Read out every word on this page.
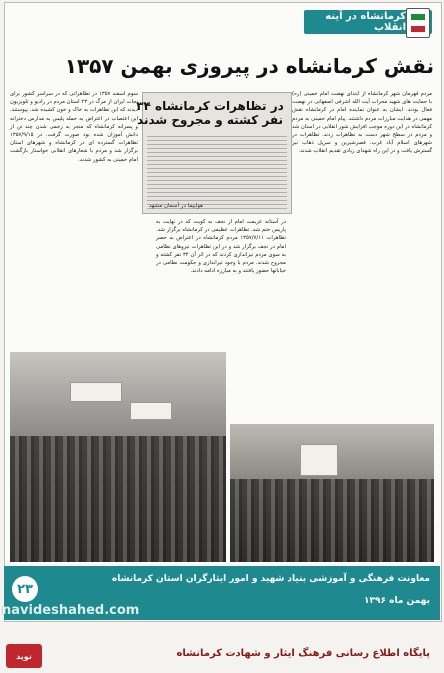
کرمانشاه در آینه انقلاب
نقش کرمانشاه در پیروزی بهمن ۱۳۵۷
مردم قهرمان شهر کرمانشاه از ابتدای نهضت امام خمینی (ره) با حمایت های شهید محراب آیت الله اشرفی اصفهانی در نهضت فعال بودند. ایشان به عنوان نماینده امام در کرمانشاه نقش مهمی در هدایت مبارزات مردم داشتند. پیام امام خمینی به مردم کرمانشاه در این دوره موجب افزایش شور انقلابی در استان شد و مردم در سطح شهر دست به تظاهرات زدند. تظاهرات در شهرهای اسلام آباد غرب، قصرشیرین و سرپل ذهاب نیز گسترش یافت و در این راه شهدای زیادی تقدیم انقلاب شدند.
در آستانه عزیمت امام از نجف به کویت که در نهایت به پاریس ختم شد، تظاهرات عظیمی در کرمانشاه برگزار شد. تظاهرات ۱۳۵۷/۷/۱۱ مردم کرمانشاه در اعتراض به حصر امام در نجف برگزار شد و در این تظاهرات نیروهای نظامی به سوی مردم تیراندازی کردند که در اثر آن ۳۴ نفر کشته و مجروح شدند. مردم با وجود تیراندازی و حکومت نظامی در خیابانها حضور یافتند و به مبارزه ادامه دادند.
سوم اسفند ۱۳۵۷ در تظاهراتی که در سراسر کشور برای نجات ایران از مرگ در ۲۳ استان مردم در رادیو و تلویزیون دیدند که این تظاهرات به خاک و خون کشیده شد. پیوستند. این اعتصاب در اعتراض به حمله پلیس به مدارس دخترانه و پسرانه کرمانشاه که منجر به زخمی شدن چند تن از دانش آموزان شده بود صورت گرفت. در ۱۳۵۷/۹/۱۵ تظاهرات گسترده ای در کرمانشاه و شهرهای استان برگزار شد و مردم با شعارهای انقلابی خواستار بازگشت امام خمینی به کشور شدند.
در تظاهرات کرمانشاه ۳۴ نفر کشته و مجروح شدند
هواپیما در آسمان مشهد
۲۳
معاونت فرهنگی و آموزشی بنیاد شهید و امور ایثارگران استان کرمانشاه
بهمن ماه ۱۳۹۶
navideshahed.com
نوید	پایگاه اطلاع رسانی فرهنگ ایثار و شهادت کرمانشاه
